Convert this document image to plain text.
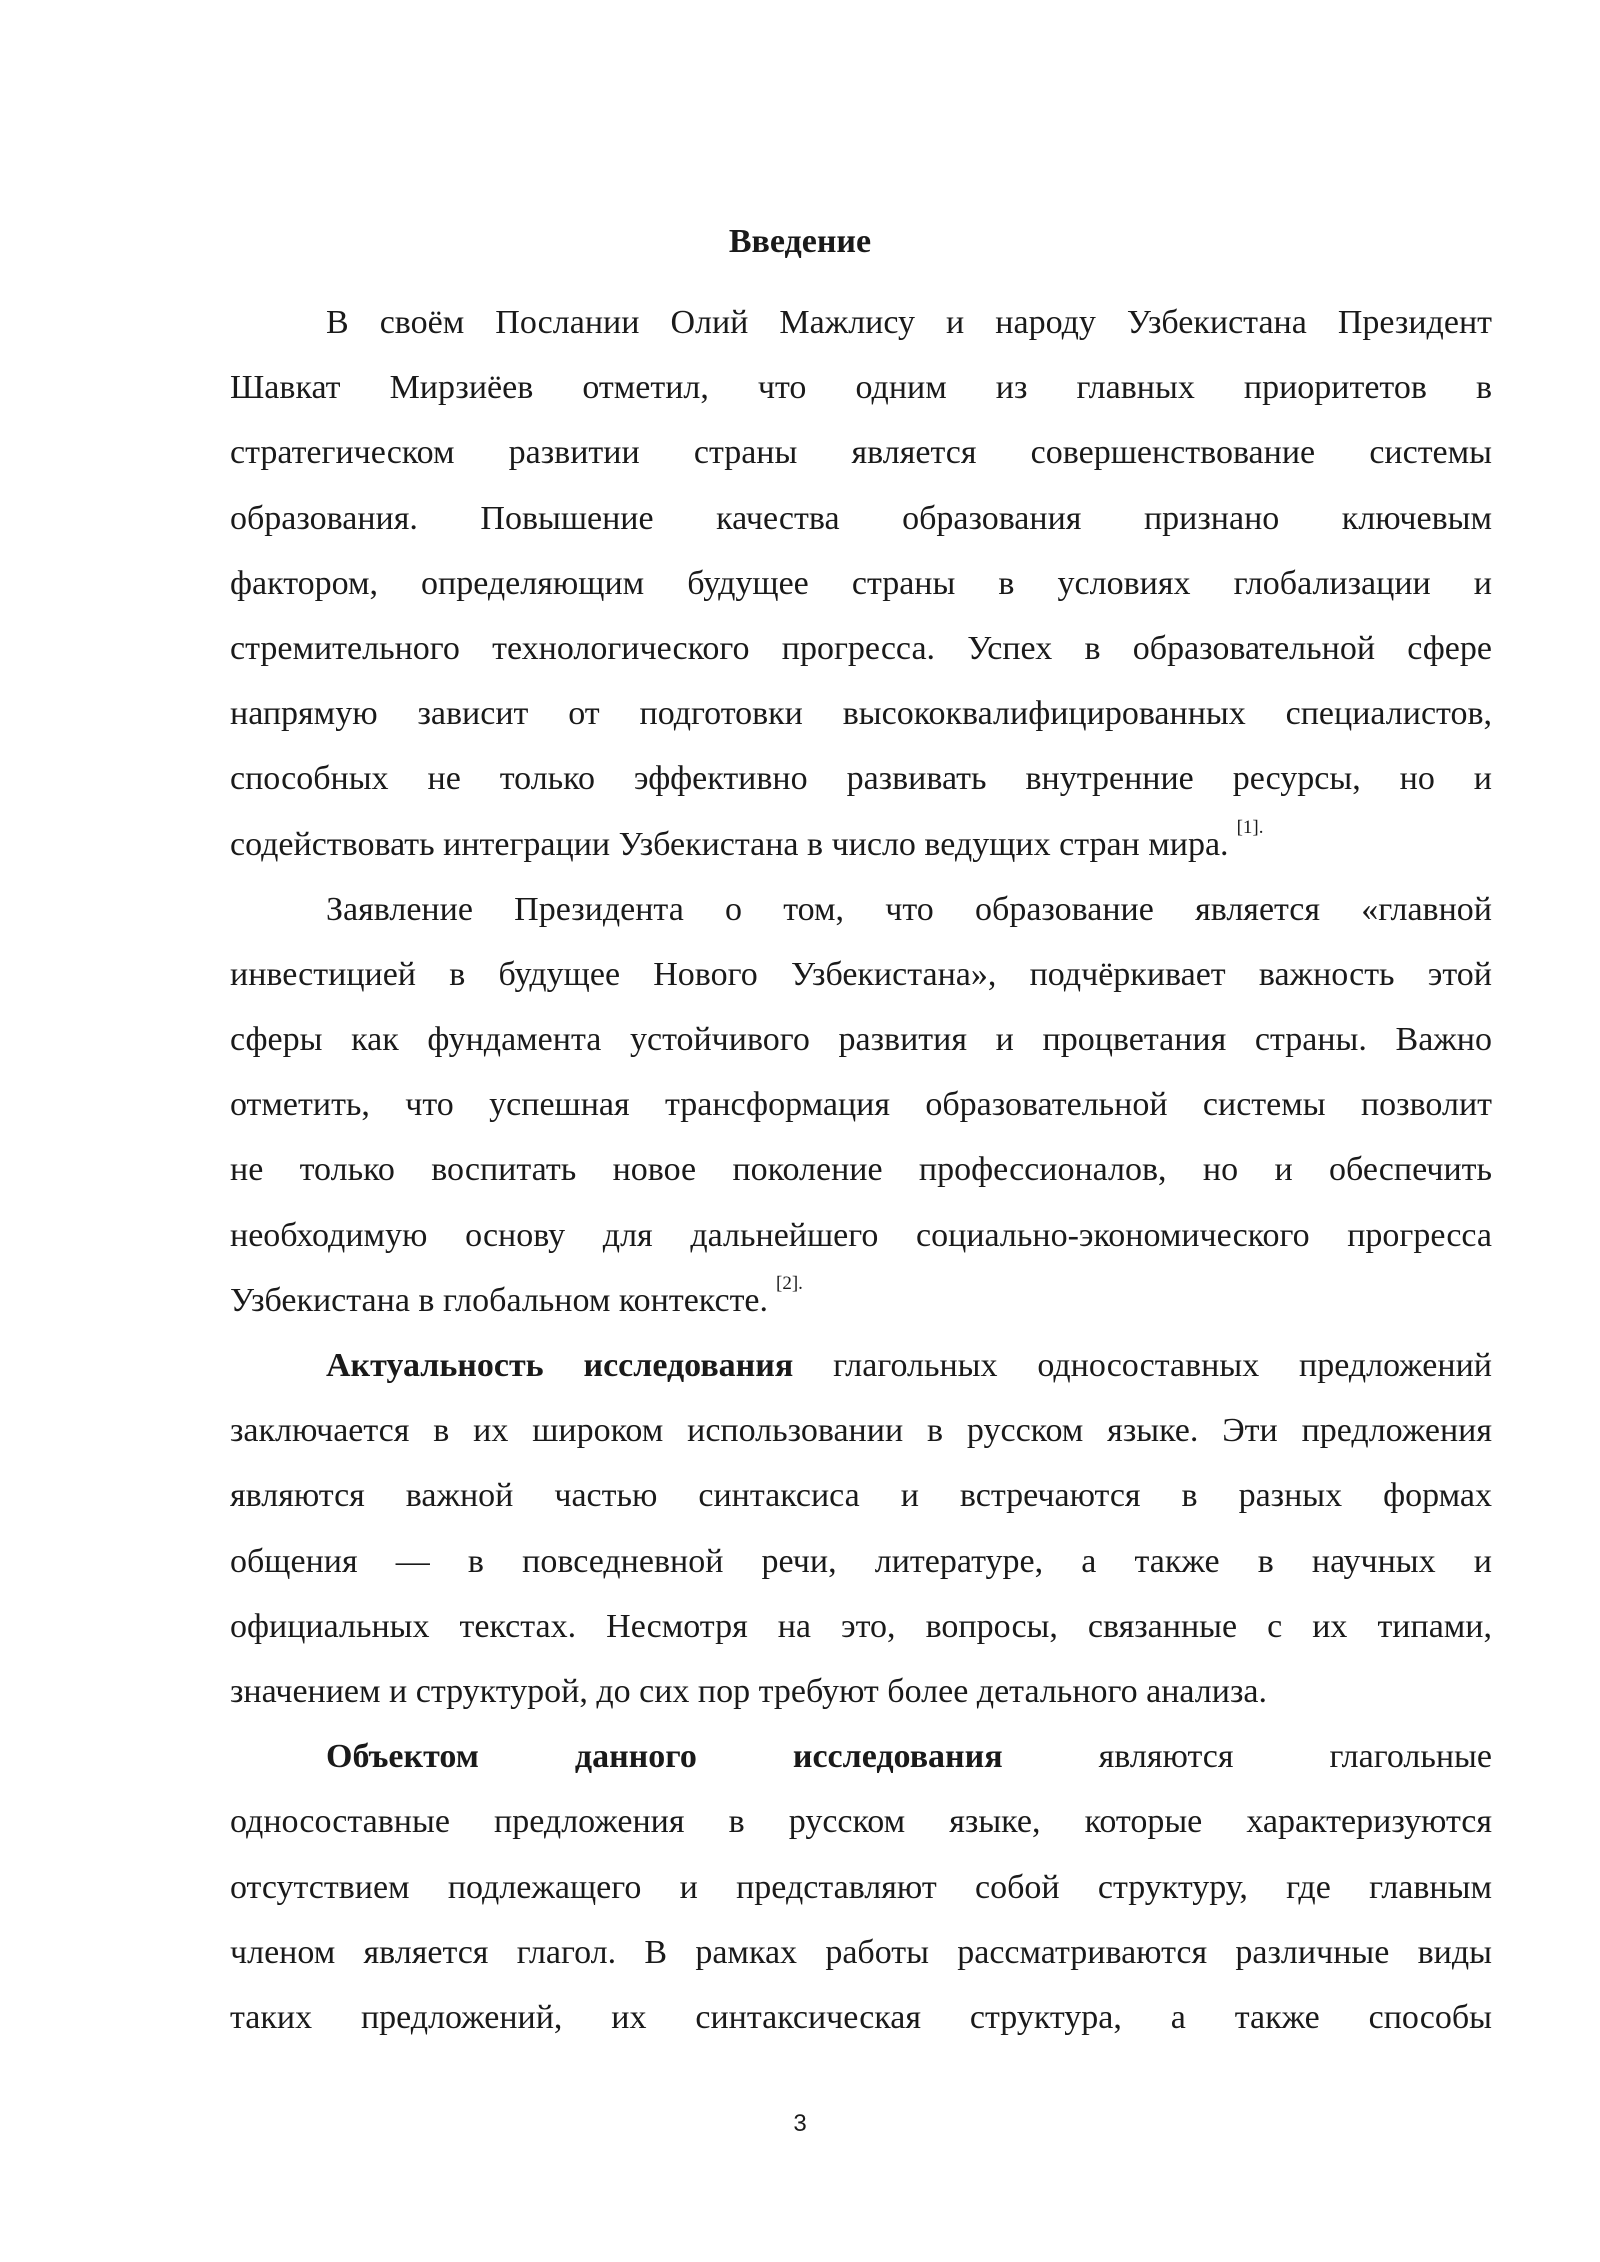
Введение
В своём Послании Олий Мажлису и народу Узбекистана Президент
Шавкат Мирзиёев отметил, что одним из главных приоритетов в
стратегическом развитии страны является совершенствование системы
образования. Повышение качества образования признано ключевым
фактором, определяющим будущее страны в условиях глобализации и
стремительного технологического прогресса. Успех в образовательной сфере
напрямую зависит от подготовки высококвалифицированных специалистов,
способных не только эффективно развивать внутренние ресурсы, но и
содействовать интеграции Узбекистана в число ведущих стран мира. $^{[1].}$
Заявление Президента о том, что образование является «главной
инвестицией в будущее Нового Узбекистана», подчёркивает важность этой
сферы как фундамента устойчивого развития и процветания страны. Важно
отметить, что успешная трансформация образовательной системы позволит
не только воспитать новое поколение профессионалов, но и обеспечить
необходимую основу для дальнейшего социально-экономического прогресса
Узбекистана в глобальном контексте. $^{[2].}$
Актуальность исследования глагольных односоставных предложений
заключается в их широком использовании в русском языке. Эти предложения
являются важной частью синтаксиса и встречаются в разных формах
общения — в повседневной речи, литературе, а также в научных и
официальных текстах. Несмотря на это, вопросы, связанные с их типами,
значением и структурой, до сих пор требуют более детального анализа.
Объектом данного исследования являются глагольные
односоставные предложения в русском языке, которые характеризуются
отсутствием подлежащего и представляют собой структуру, где главным
членом является глагол. В рамках работы рассматриваются различные виды
таких предложений, их синтаксическая структура, а также способы
3
